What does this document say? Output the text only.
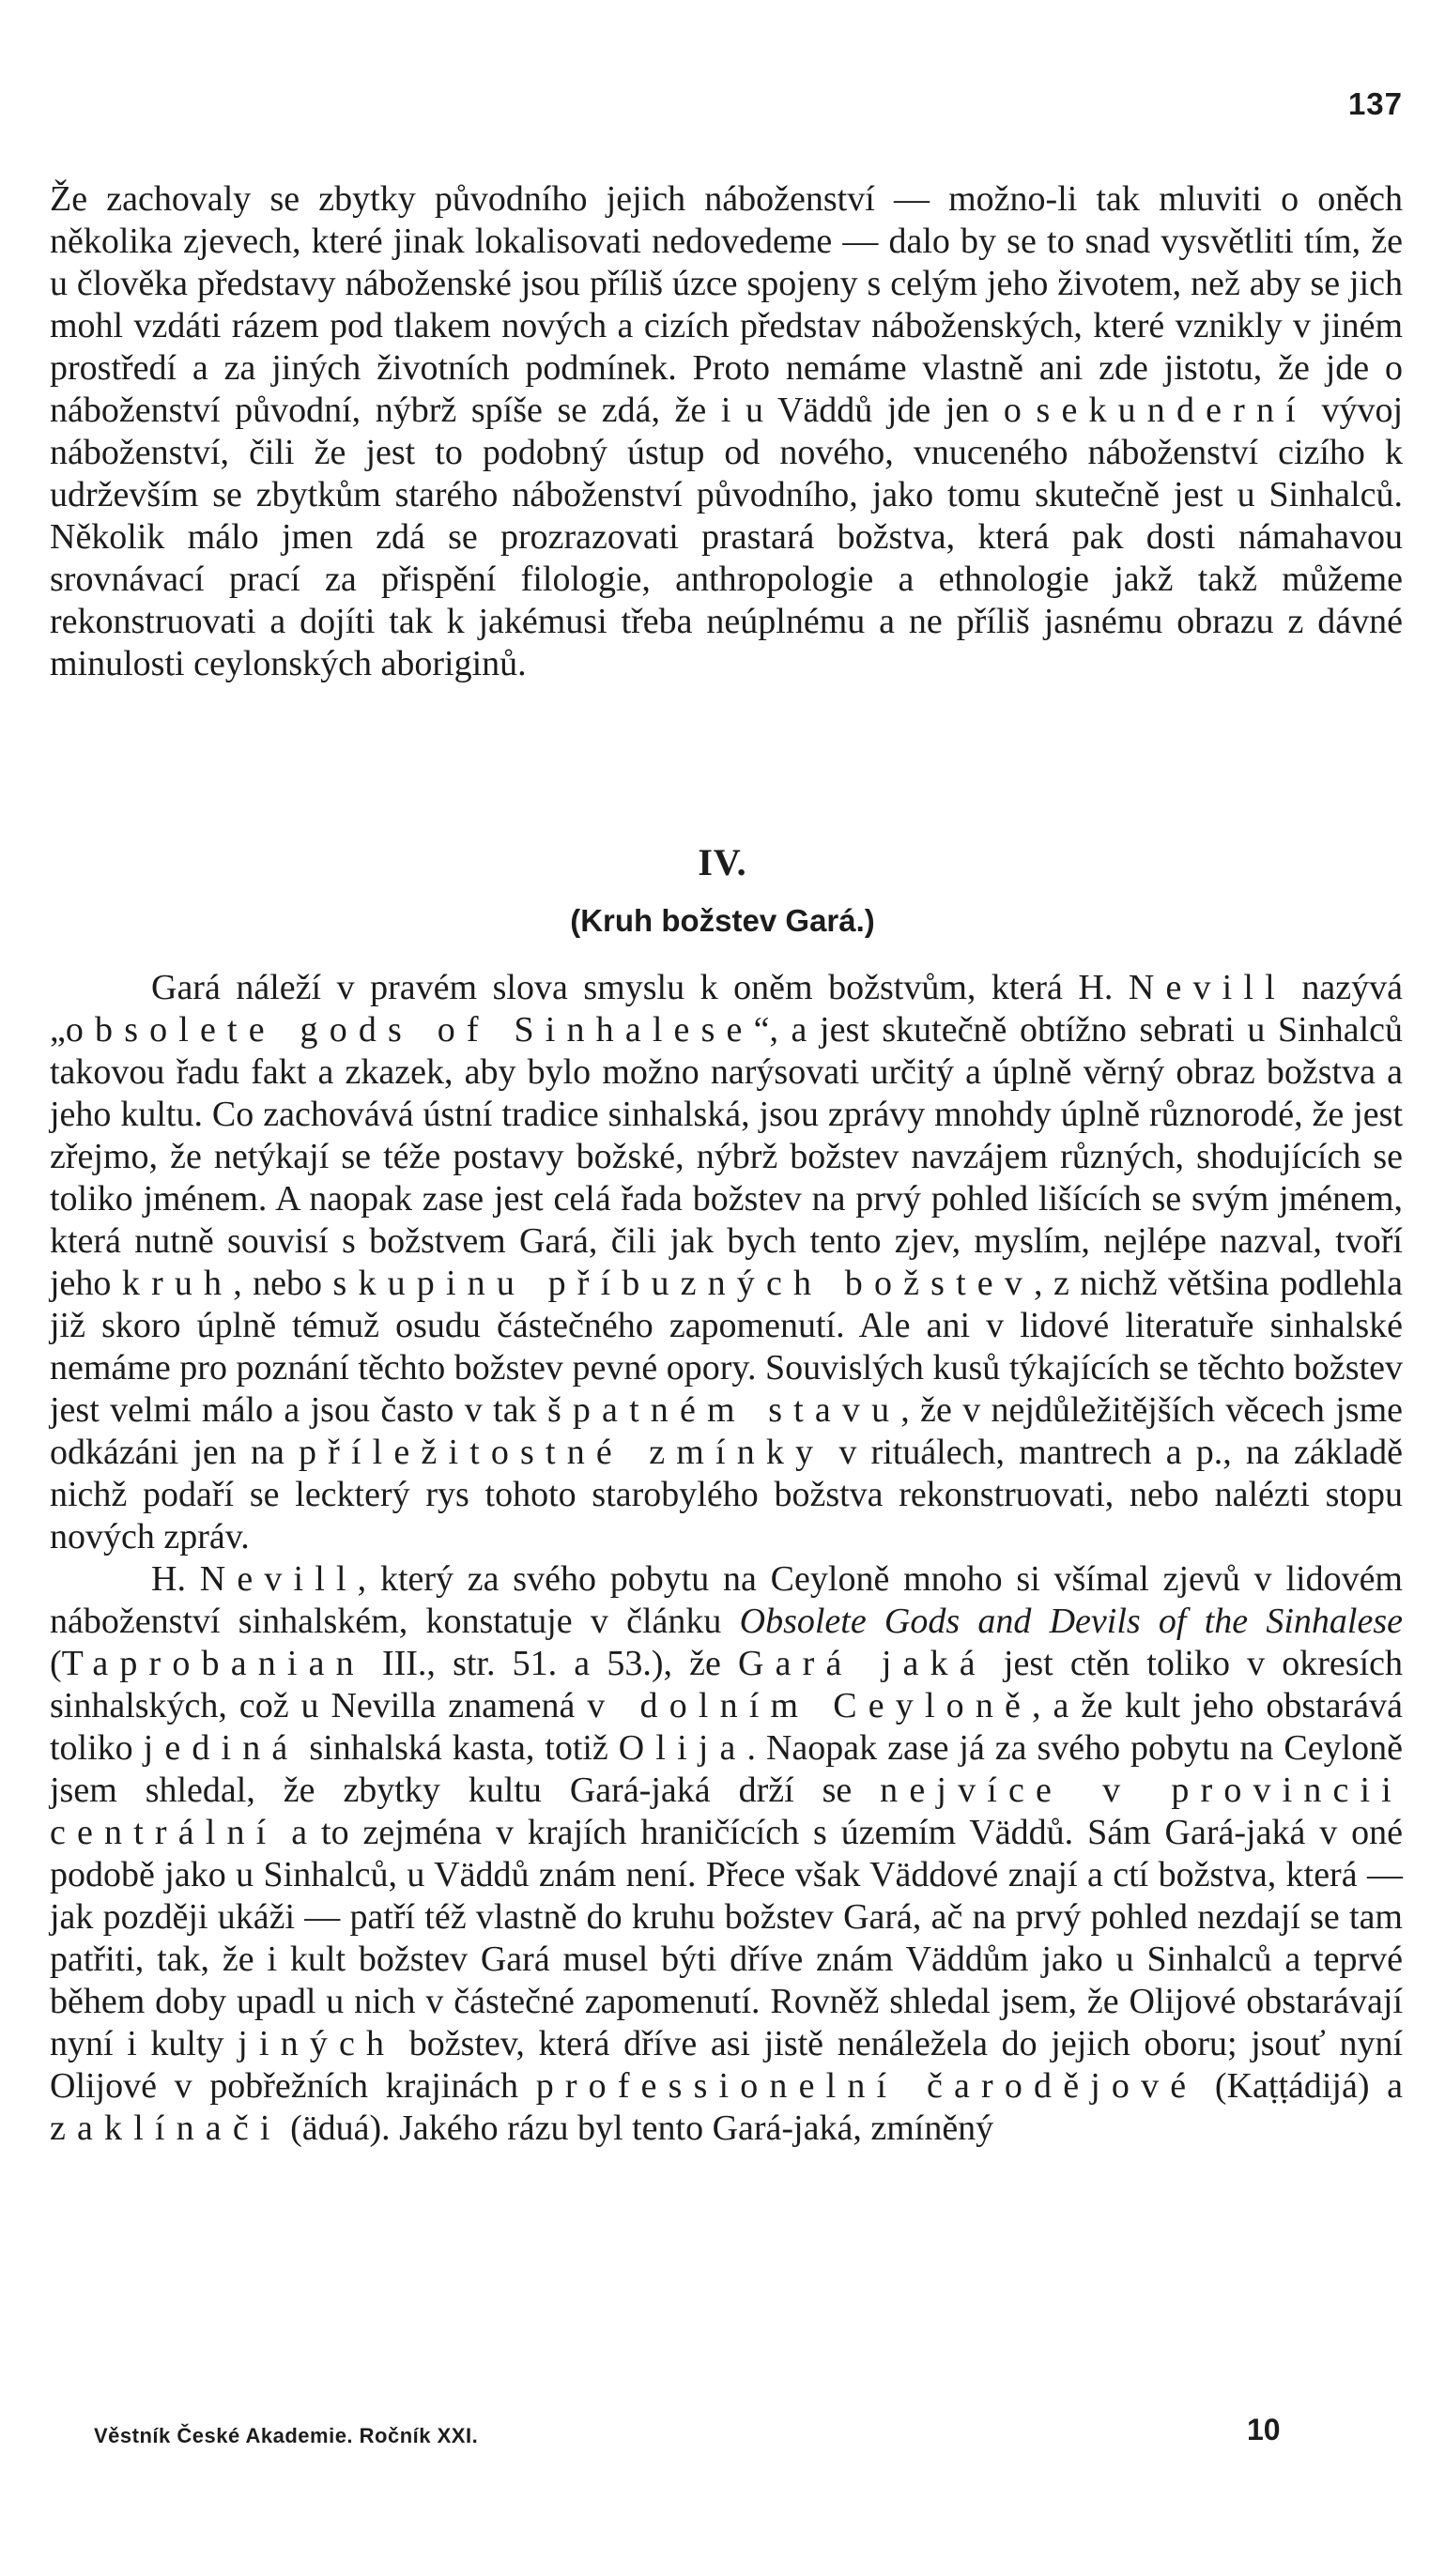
137

Že zachovaly se zbytky původního jejich náboženství — možno-li tak mluviti o oněch několika zjevech, které jinak lokalisovati nedovedeme — dalo by se to snad vysvětliti tím, že u člověka představy náboženské jsou příliš úzce spojeny s celým jeho životem, než aby se jich mohl vzdáti rázem pod tlakem nových a cizích představ náboženských, které vznikly v jiném prostředí a za jiných životních podmínek. Proto nemáme vlastně ani zde jistotu, že jde o náboženství původní, nýbrž spíše se zdá, že i u Väddů jde jen o sekunderní vývoj náboženství, čili že jest to podobný ústup od nového, vnuceného náboženství cizího k udrževším se zbytkům starého náboženství původního, jako tomu skutečně jest u Sinhalců. Několik málo jmen zdá se prozrazovati prastará božstva, která pak dosti námahavou srovnávací prací za přispění filologie, anthropologie a ethnologie jakž takž můžeme rekonstruovati a dojíti tak k jakémusi třeba neúplnému a ne příliš jasnému obrazu z dávné minulosti ceylonských aboriginů.

IV.
(Kruh božstev Gará.)

Gará náleží v pravém slova smyslu k oněm božstvům, která H. Nevill nazývá „obsolete gods of Sinhalese“, a jest skutečně obtížno sebrati u Sinhalců takovou řadu fakt a zkazek, aby bylo možno narýsovati určitý a úplně věrný obraz božstva a jeho kultu. Co zachovává ústní tradice sinhalská, jsou zprávy mnohdy úplně různorodé, že jest zřejmo, že netýkají se téže postavy božské, nýbrž božstev navzájem různých, shodujících se toliko jménem. A naopak zase jest celá řada božstev na prvý pohled lišících se svým jménem, která nutně souvisí s božstvem Gará, čili jak bych tento zjev, myslím, nejlépe nazval, tvoří jeho kruh, nebo skupinu příbuzných božstev, z nichž většina podlehla již skoro úplně témuž osudu částečného zapomenutí. Ale ani v lidové literatuře sinhalské nemáme pro poznání těchto božstev pevné opory. Souvislých kusů týkajících se těchto božstev jest velmi málo a jsou často v tak špatném stavu, že v nejdůležitějších věcech jsme odkázáni jen na příležitostné zmínky v rituálech, mantrech a p., na základě nichž podaří se leckterý rys tohoto starobylého božstva rekonstruovati, nebo nalézti stopu nových zpráv.

H. Nevill, který za svého pobytu na Ceyloně mnoho si všímal zjevů v lidovém náboženství sinhalském, konstatuje v článku Obsolete Gods and Devils of the Sinhalese (Taprobanian III., str. 51. a 53.), že Gará jaká jest ctěn toliko v okresích sinhalských, což u Nevilla znamená v dolním Ceyloně, a že kult jeho obstarává toliko jediná sinhalská kasta, totiž Olija. Naopak zase já za svého pobytu na Ceyloně jsem shledal, že zbytky kultu Gará-jaká drží se nejvíce v provincii centrální a to zejména v krajích hraničících s územím Väddů. Sám Gará-jaká v oné podobě jako u Sinhalců, u Väddů znám není. Přece však Väddové znají a ctí božstva, která — jak později ukáži — patří též vlastně do kruhu božstev Gará, ač na prvý pohled nezdají se tam patřiti, tak, že i kult božstev Gará musel býti dříve znám Väddům jako u Sinhalců a teprvé během doby upadl u nich v částečné zapomenutí. Rovněž shledal jsem, že Olijové obstarávají nyní i kulty jiných božstev, která dříve asi jistě nenáležela do jejich oboru; jsouť nyní Olijové v pobřežních krajinách professionelní čarodějové (Kaṭṭádijá) a zaklínači (äduá). Jakého rázu byl tento Gará-jaká, zmíněný

Věstník České Akademie. Ročník XXI.	10
